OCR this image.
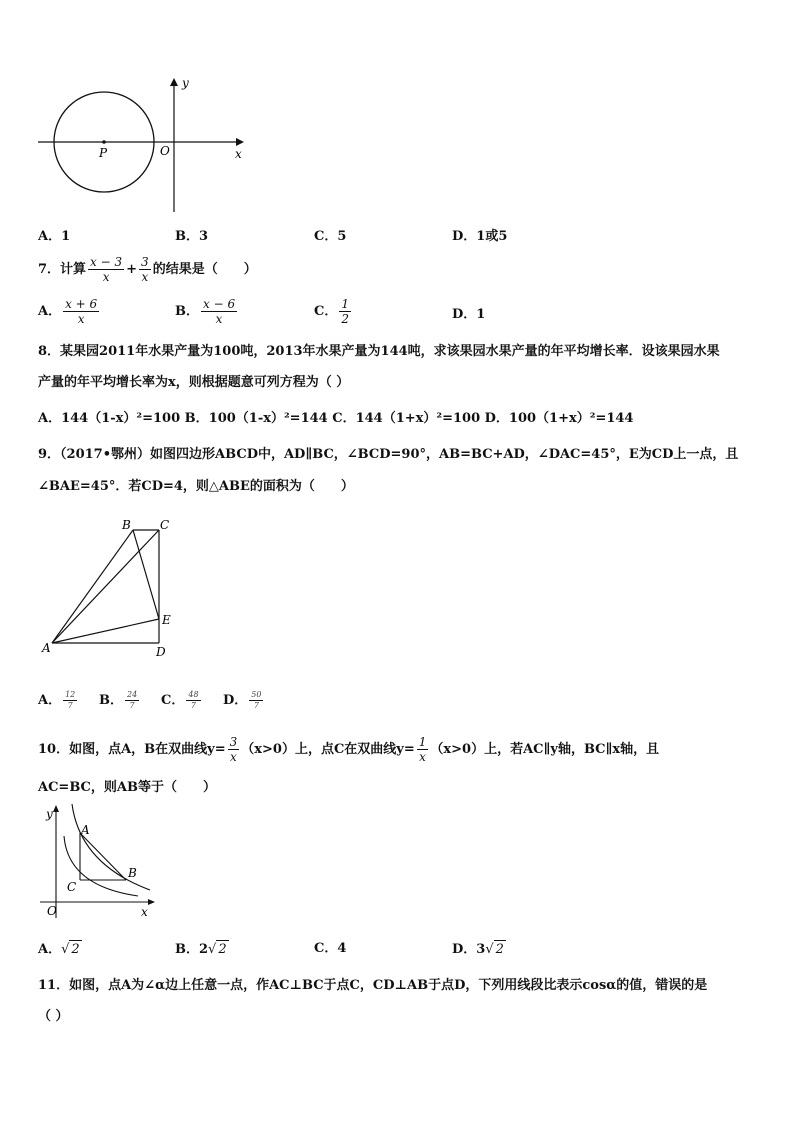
y
x
O
P
A．1	B．3	C．5	D．1或5
7．计算 $\frac{x - 3}{x} + \frac{3}{x}$ 的结果是（　　）
A． $\frac{x + 6}{x}$	B． $\frac{x - 6}{x}$	C． $\frac{1}{2}$	D．1
8．某果园2011年水果产量为100吨，2013年水果产量为144吨，求该果园水果产量的年平均增长率．设该果园水果
产量的年平均增长率为x，则根据题意可列方程为（ ）
A．144（1-x）²=100 B．100（1-x）²=144 C．144（1+x）²=100 D．100（1+x）²=144
9．（2017•鄂州）如图四边形ABCD中，AD∥BC，∠BCD=90°，AB=BC+AD，∠DAC=45°，E为CD上一点，且
∠BAE=45°．若CD=4，则△ABE的面积为（　　）
B C
E
A	D
A． $\frac{12}{7}$ B． $\frac{24}{7}$ C． $\frac{48}{7}$ D． $\frac{50}{7}$
10．如图，点A，B在双曲线$y= \frac{3}{x} (x>0)$上，点C在双曲线$y= \frac{1}{x} (x>0)$上，若AC∥y轴，BC∥x轴，且
AC=BC，则AB等于（　　）
y
x
O
A
B
C
A．√ 2	B．2√ 2	C．4	D．3√ 2
11．如图，点A为∠α边上任意一点，作AC⊥BC于点C，CD⊥AB于点D，下列用线段比表示cosα的值，错误的是
（ ）
